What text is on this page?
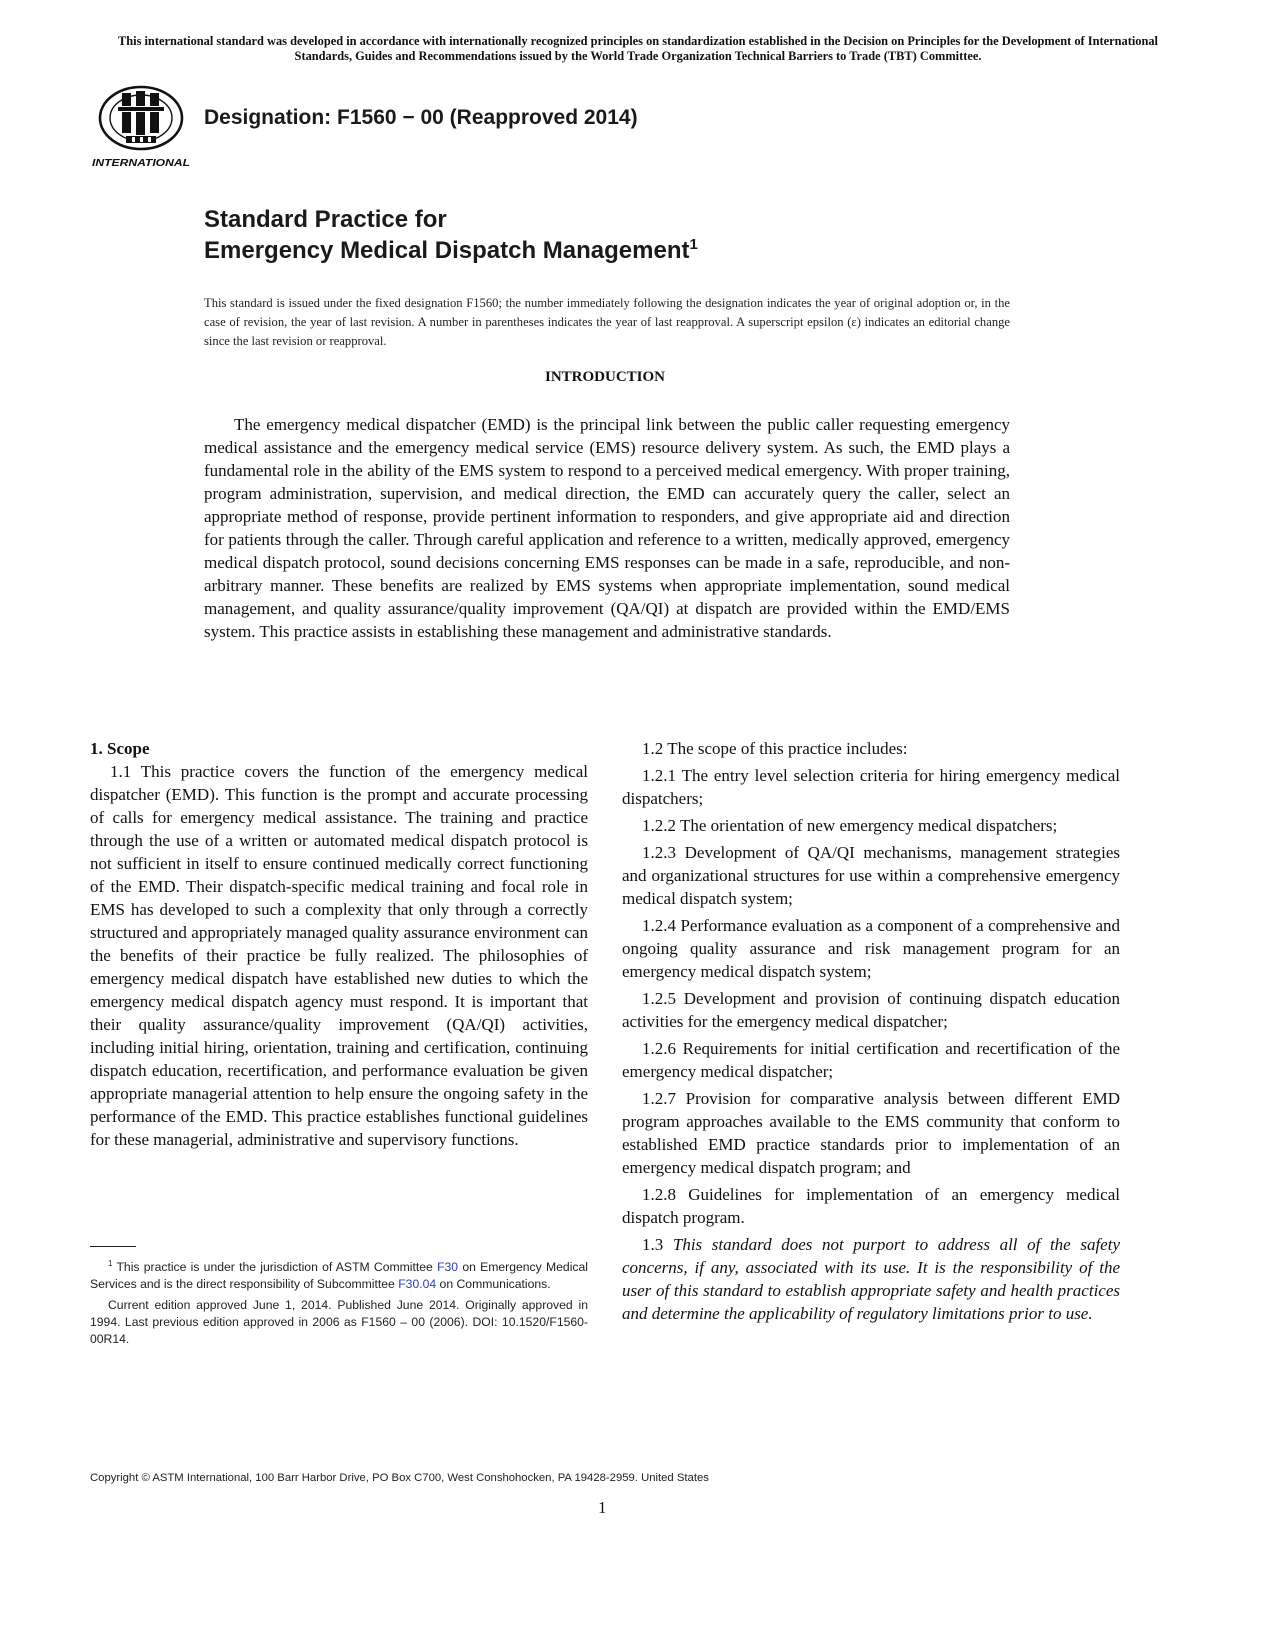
This international standard was developed in accordance with internationally recognized principles on standardization established in the Decision on Principles for the Development of International Standards, Guides and Recommendations issued by the World Trade Organization Technical Barriers to Trade (TBT) Committee.
INTERNATIONAL
Designation: F1560 − 00 (Reapproved 2014)
Standard Practice for
Emergency Medical Dispatch Management$^1$
This standard is issued under the fixed designation F1560; the number immediately following the designation indicates the year of original adoption or, in the case of revision, the year of last revision. A number in parentheses indicates the year of last reapproval. A superscript epsilon (ε) indicates an editorial change since the last revision or reapproval.
INTRODUCTION
The emergency medical dispatcher (EMD) is the principal link between the public caller requesting emergency medical assistance and the emergency medical service (EMS) resource delivery system. As such, the EMD plays a fundamental role in the ability of the EMS system to respond to a perceived medical emergency. With proper training, program administration, supervision, and medical direction, the EMD can accurately query the caller, select an appropriate method of response, provide pertinent information to responders, and give appropriate aid and direction for patients through the caller. Through careful application and reference to a written, medically approved, emergency medical dispatch protocol, sound decisions concerning EMS responses can be made in a safe, reproducible, and non-arbitrary manner. These benefits are realized by EMS systems when appropriate implementation, sound medical management, and quality assurance/quality improvement (QA/QI) at dispatch are provided within the EMD/EMS system. This practice assists in establishing these management and administrative standards.

1. Scope

1.1 This practice covers the function of the emergency medical dispatcher (EMD). This function is the prompt and accurate processing of calls for emergency medical assistance. The training and practice through the use of a written or automated medical dispatch protocol is not sufficient in itself to ensure continued medically correct functioning of the EMD. Their dispatch-specific medical training and focal role in EMS has developed to such a complexity that only through a correctly structured and appropriately managed quality assurance environment can the benefits of their practice be fully realized. The philosophies of emergency medical dispatch have established new duties to which the emergency medical dispatch agency must respond. It is important that their quality assurance/quality improvement (QA/QI) activities, including initial hiring, orientation, training and certification, continuing dispatch education, recertification, and performance evaluation be given appropriate managerial attention to help ensure the ongoing safety in the performance of the EMD. This practice establishes functional guidelines for these managerial, administrative and supervisory functions.

1.2 The scope of this practice includes:

1.2.1 The entry level selection criteria for hiring emergency medical dispatchers;

1.2.2 The orientation of new emergency medical dispatchers;

1.2.3 Development of QA/QI mechanisms, management strategies and organizational structures for use within a comprehensive emergency medical dispatch system;

1.2.4 Performance evaluation as a component of a comprehensive and ongoing quality assurance and risk management program for an emergency medical dispatch system;

1.2.5 Development and provision of continuing dispatch education activities for the emergency medical dispatcher;

1.2.6 Requirements for initial certification and recertification of the emergency medical dispatcher;

1.2.7 Provision for comparative analysis between different EMD program approaches available to the EMS community that conform to established EMD practice standards prior to implementation of an emergency medical dispatch program; and

1.2.8 Guidelines for implementation of an emergency medical dispatch program.

1.3 This standard does not purport to address all of the safety concerns, if any, associated with its use. It is the responsibility of the user of this standard to establish appropriate safety and health practices and determine the applicability of regulatory limitations prior to use.

$^1$ This practice is under the jurisdiction of ASTM Committee F30 on Emergency Medical Services and is the direct responsibility of Subcommittee F30.04 on Communications.

Current edition approved June 1, 2014. Published June 2014. Originally approved in 1994. Last previous edition approved in 2006 as F1560 – 00 (2006). DOI: 10.1520/F1560-00R14.

Copyright © ASTM International, 100 Barr Harbor Drive, PO Box C700, West Conshohocken, PA 19428-2959. United States
1
